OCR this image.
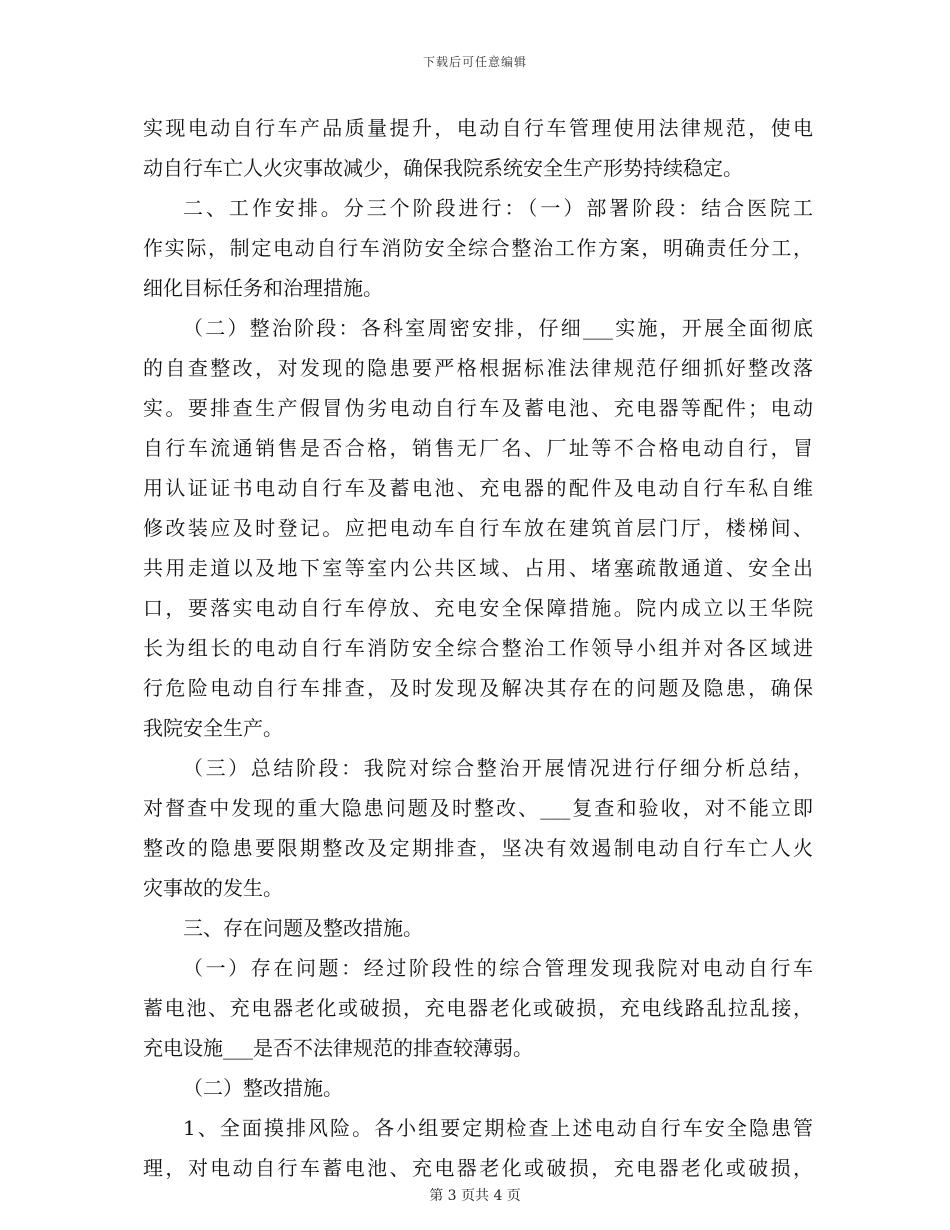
下载后可任意编辑
实现电动自行车产品质量提升，电动自行车管理使用法律规范，使电
动自行车亡人火灾事故减少，确保我院系统安全生产形势持续稳定。
二、工作安排。分三个阶段进行：（一）部署阶段：结合医院工
作实际，制定电动自行车消防安全综合整治工作方案，明确责任分工，
细化目标任务和治理措施。
（二）整治阶段：各科室周密安排，仔细___实施，开展全面彻底
的自查整改，对发现的隐患要严格根据标准法律规范仔细抓好整改落
实。要排查生产假冒伪劣电动自行车及蓄电池、充电器等配件；电动
自行车流通销售是否合格，销售无厂名、厂址等不合格电动自行，冒
用认证证书电动自行车及蓄电池、充电器的配件及电动自行车私自维
修改装应及时登记。应把电动车自行车放在建筑首层门厅，楼梯间、
共用走道以及地下室等室内公共区域、占用、堵塞疏散通道、安全出
口，要落实电动自行车停放、充电安全保障措施。院内成立以王华院
长为组长的电动自行车消防安全综合整治工作领导小组并对各区域进
行危险电动自行车排查，及时发现及解决其存在的问题及隐患，确保
我院安全生产。
（三）总结阶段：我院对综合整治开展情况进行仔细分析总结，
对督查中发现的重大隐患问题及时整改、___复查和验收，对不能立即
整改的隐患要限期整改及定期排查，坚决有效遏制电动自行车亡人火
灾事故的发生。
三、存在问题及整改措施。
（一）存在问题：经过阶段性的综合管理发现我院对电动自行车
蓄电池、充电器老化或破损，充电器老化或破损，充电线路乱拉乱接，
充电设施___是否不法律规范的排查较薄弱。
（二）整改措施。
1、全面摸排风险。各小组要定期检查上述电动自行车安全隐患管
理，对电动自行车蓄电池、充电器老化或破损，充电器老化或破损，
第 3 页共 4 页
